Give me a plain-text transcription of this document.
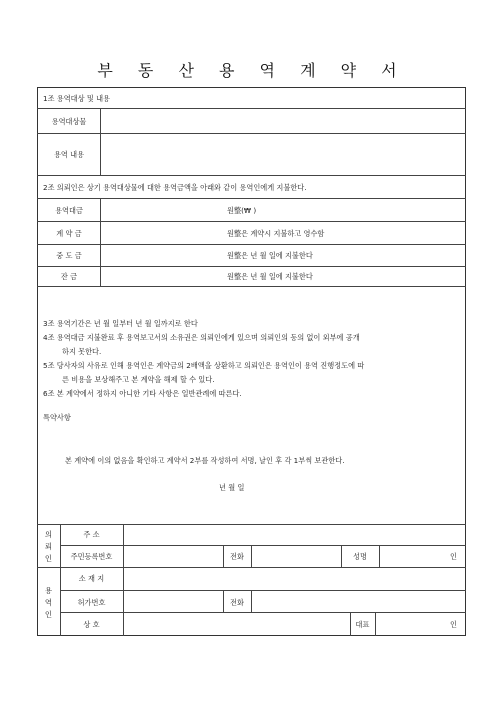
부 동 산 용 역 계 약 서
1조 용역대상 및 내용
용역대상물
용역 내용
2조 의뢰인은 상기 용역대상물에 대한 용역금액을 아래와 같이 용역인에게 지불한다.
용역대금	원整(₩ )
계 약 금	원整은 계약시 지불하고 영수함
중 도 금	원整은 년 월 일에 지불한다
잔 금	원整은 년 월 일에 지불한다
3조 용역기간은 년 월 일부터 년 월 일까지로 한다
4조 용역대금 지불완료 후 용역보고서의 소유권은 의뢰인에게 있으며 의뢰인의 동의 없이 외부에 공개
하지 못한다.
5조 당사자의 사유로 인해 용역인은 계약금의 2배액을 상환하고 의뢰인은 용역인이 용역 진행정도에 따
른 비용을 보상해주고 본 계약을 해제 할 수 있다.
6조 본 계약에서 정하지 아니한 기타 사항은 일반관례에 따른다.
특약사항
본 계약에 이의 없음을 확인하고 계약서 2부를 작성하여 서명, 날인 후 각 1부씩 보관한다.
년 월 일
의
뢰
인
주 소
주민등록번호	전화	성명	인
용
역
인
소 재 지
허가번호	전화
상 호	대표	인
